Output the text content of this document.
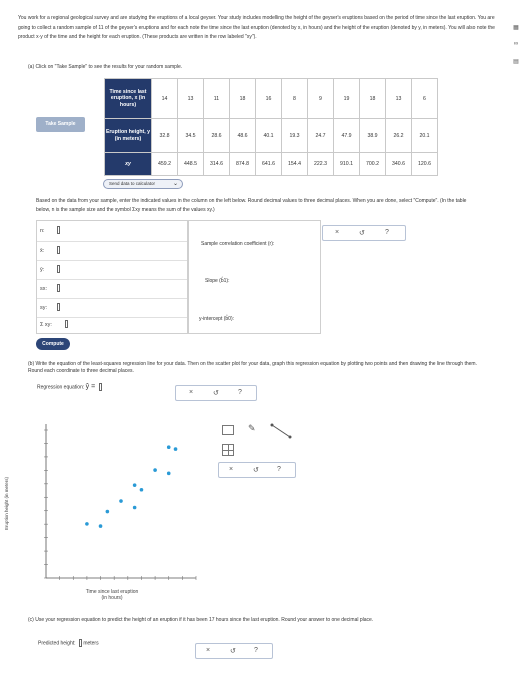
You work for a regional geological survey and are studying the eruptions of a local geyser. Your study includes modelling the height of the geyser's eruptions based on the period of time since the last eruption. You are going to collect a random sample of 11 of the geyser's eruptions and for each note the time since the last eruption (denoted by x, in hours) and the height of the eruption (denoted by y, in meters). You will also note the product x·y of the time and the height for each eruption. (These products are written in the row labeled "xy").
▦
∞
▤
(a) Click on "Take Sample" to see the results for your random sample.
Take Sample
Time since last eruption, x (in hours)	14	13	11	18	16	8	9	19	18	13	6
Eruption height, y (in meters)	32.8	34.5	28.6	48.6	40.1	19.3	24.7	47.9	38.9	26.2	20.1
xy	459.2	448.5	314.6	874.8	641.6	154.4	222.3	910.1	700.2	340.6	120.6
Send data to calculator	⌄
Based on the data from your sample, enter the indicated values in the column on the left below. Round decimal values to three decimal places. When you are done, select "Compute". (In the table below, n is the sample size and the symbol Σxy means the sum of the values xy.)
n:
x̄:
ȳ:
sx:
sy:
Σ xy:
Sample correlation coefficient (r):
Slope (b̂1):
y-intercept (b̂0):
×	↺	?
Compute
(b) Write the equation of the least-squares regression line for your data. Then on the scatter plot for your data, graph this regression equation by plotting two points and then drawing the line through them. Round each coordinate to three decimal places.
Regression equation: ŷ =
×	↺	?
Time since last eruption (in hours)
Eruption height (in meters)
✎
×	↺	?
(c) Use your regression equation to predict the height of an eruption if it has been 17 hours since the last eruption. Round your answer to one decimal place.
Predicted height: meters
×	↺	?
